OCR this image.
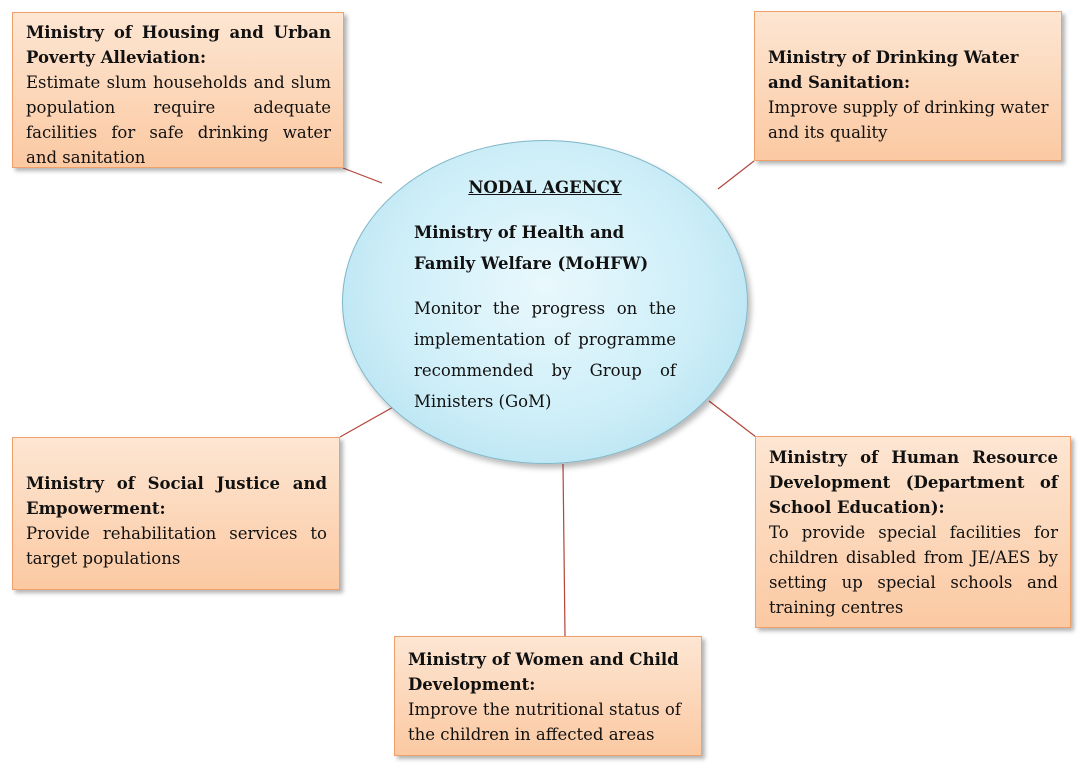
NODAL AGENCY

Ministry of Health and Family Welfare (MoHFW)

Monitor the progress on the implementation of programme recommended by Group of Ministers (GoM)

Ministry of Housing and Urban Poverty Alleviation:
Estimate slum households and slum population require adequate facilities for safe drinking water and sanitation
Ministry of Drinking Water and Sanitation:
Improve supply of drinking water and its quality
Ministry of Social Justice and Empowerment:
Provide rehabilitation services to target populations
Ministry of Human Resource Development (Department of School Education):
To provide special facilities for children disabled from JE/AES by setting up special schools and training centres
Ministry of Women and Child Development:
Improve the nutritional status of the children in affected areas
